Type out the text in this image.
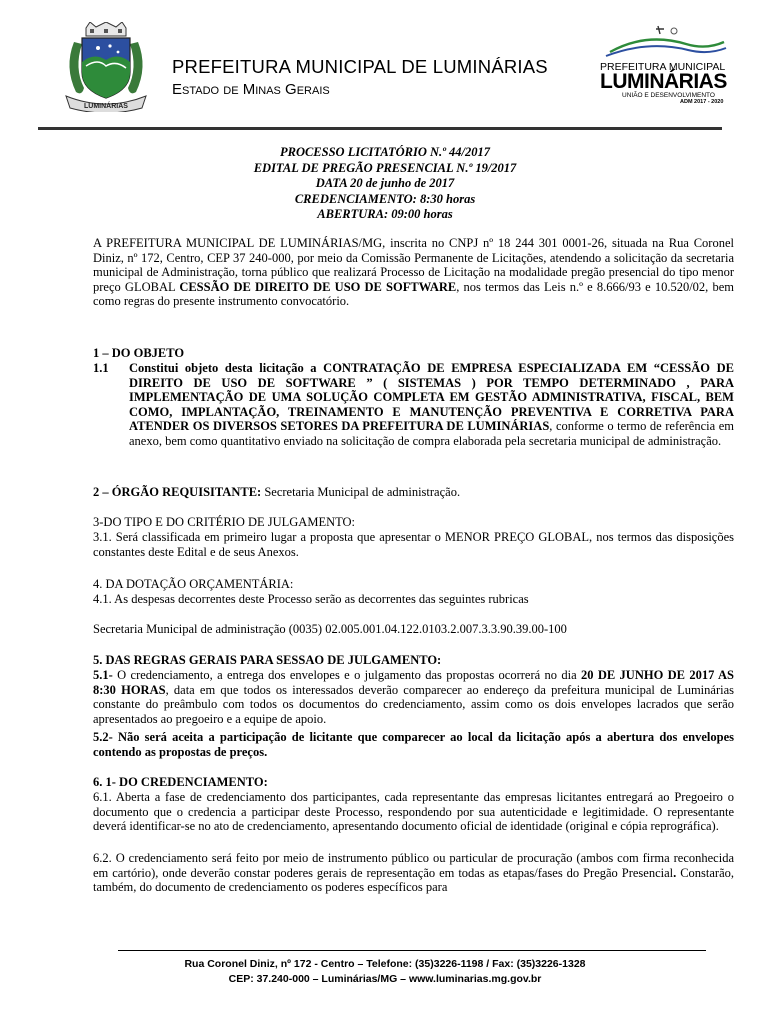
LUMINÁRIAS
PREFEITURA MUNICIPAL DE LUMINÁRIAS
Estado de Minas Gerais
PREFEITURA MUNICIPAL
LUMINÁRIAS
UNIÃO E DESENVOLVIMENTO
ADM 2017 - 2020
PROCESSO LICITATÓRIO N.º 44/2017
EDITAL DE PREGÃO PRESENCIAL N.º 19/2017
DATA 20 de junho de 2017
CREDENCIAMENTO: 8:30 horas
ABERTURA: 09:00 horas
A PREFEITURA MUNICIPAL DE LUMINÁRIAS/MG, inscrita no CNPJ nº 18 244 301 0001-26, situada na Rua Coronel Diniz, nº 172, Centro, CEP 37 240-000, por meio da Comissão Permanente de Licitações, atendendo a solicitação da secretaria municipal de Administração, torna público que realizará Processo de Licitação na modalidade pregão presencial do tipo menor preço GLOBAL CESSÃO DE DIREITO DE USO DE SOFTWARE, nos termos das Leis n.º e 8.666/93 e 10.520/02, bem como regras do presente instrumento convocatório.
1 – DO OBJETO
1.1	Constitui objeto desta licitação a CONTRATAÇÃO DE EMPRESA ESPECIALIZADA EM “CESSÃO DE DIREITO DE USO DE SOFTWARE ” ( SISTEMAS ) POR TEMPO DETERMINADO , PARA IMPLEMENTAÇÃO DE UMA SOLUÇÃO COMPLETA EM GESTÃO ADMINISTRATIVA, FISCAL, BEM COMO, IMPLANTAÇÃO, TREINAMENTO E MANUTENÇÃO PREVENTIVA E CORRETIVA PARA ATENDER OS DIVERSOS SETORES DA PREFEITURA DE LUMINÁRIAS, conforme o termo de referência em anexo, bem como quantitativo enviado na solicitação de compra elaborada pela secretaria municipal de administração.
2 – ÓRGÃO REQUISITANTE: Secretaria Municipal de administração.
3-DO TIPO E DO CRITÉRIO DE JULGAMENTO:
3.1. Será classificada em primeiro lugar a proposta que apresentar o MENOR PREÇO GLOBAL, nos termos das disposições constantes deste Edital e de seus Anexos.
4. DA DOTAÇÃO ORÇAMENTÁRIA:
4.1. As despesas decorrentes deste Processo serão as decorrentes das seguintes rubricas
Secretaria Municipal de administração (0035) 02.005.001.04.122.0103.2.007.3.3.90.39.00-100
5. DAS REGRAS GERAIS PARA SESSAO DE JULGAMENTO:
5.1- O credenciamento, a entrega dos envelopes e o julgamento das propostas ocorrerá no dia 20 DE JUNHO DE 2017 AS 8:30 HORAS, data em que todos os interessados deverão comparecer ao endereço da prefeitura municipal de Luminárias constante do preâmbulo com todos os documentos do credenciamento, assim como os dois envelopes lacrados que serão apresentados ao pregoeiro e a equipe de apoio.
5.2- Não será aceita a participação de licitante que comparecer ao local da licitação após a abertura dos envelopes contendo as propostas de preços.
6. 1- DO CREDENCIAMENTO:
6.1. Aberta a fase de credenciamento dos participantes, cada representante das empresas licitantes entregará ao Pregoeiro o documento que o credencia a participar deste Processo, respondendo por sua autenticidade e legitimidade. O representante deverá identificar-se no ato de credenciamento, apresentando documento oficial de identidade (original e cópia reprográfica).
6.2. O credenciamento será feito por meio de instrumento público ou particular de procuração (ambos com firma reconhecida em cartório), onde deverão constar poderes gerais de representação em todas as etapas/fases do Pregão Presencial. Constarão, também, do documento de credenciamento os poderes específicos para
Rua Coronel Diniz, nº 172 - Centro – Telefone: (35)3226-1198 / Fax: (35)3226-1328
CEP: 37.240-000 – Luminárias/MG – www.luminarias.mg.gov.br
